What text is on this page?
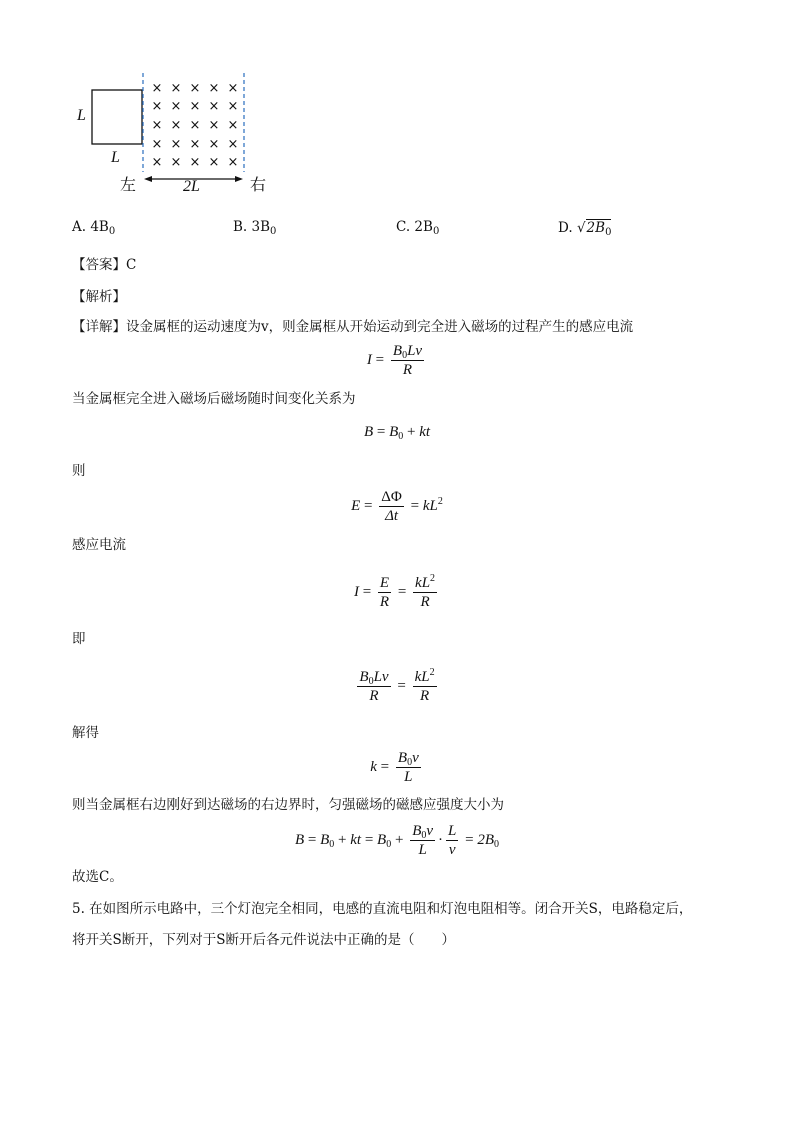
× × × × ×
× × × × ×
× × × × ×
× × × × ×
× × × × ×
L
L
左	2L	右
A. $4B_0$	B. $3B_0$	C. $2B_0$	D. $√2B_0$
【答案】C
【解析】
【详解】设金属框的运动速度为v，则金属框从开始运动到完全进入磁场的过程产生的感应电流
$I = \frac{B_0Lv}{R}$
当金属框完全进入磁场后磁场随时间变化关系为
$B = B_0$ + kt
则
$E = \frac{\Delta\Phi}{\Delta t} = kL^2$
感应电流
$I = \frac{E}{R} = \frac{kL^2}{R}$
即
$\frac{B_0Lv}{R} = \frac{kL^2}{R}$
解得
$k = \frac{B_0v}{L}$
则当金属框右边刚好到达磁场的右边界时，匀强磁场的磁感应强度大小为
$B = B_0$ + kt = $B_0 + \frac{B_0v}{L} \cdot \frac{L}{v} = 2B_0$
故选C。
5. 在如图所示电路中，三个灯泡完全相同，电感的直流电阻和灯泡电阻相等。闭合开关S，电路稳定后，
将开关S断开，下列对于S断开后各元件说法中正确的是（　　）
